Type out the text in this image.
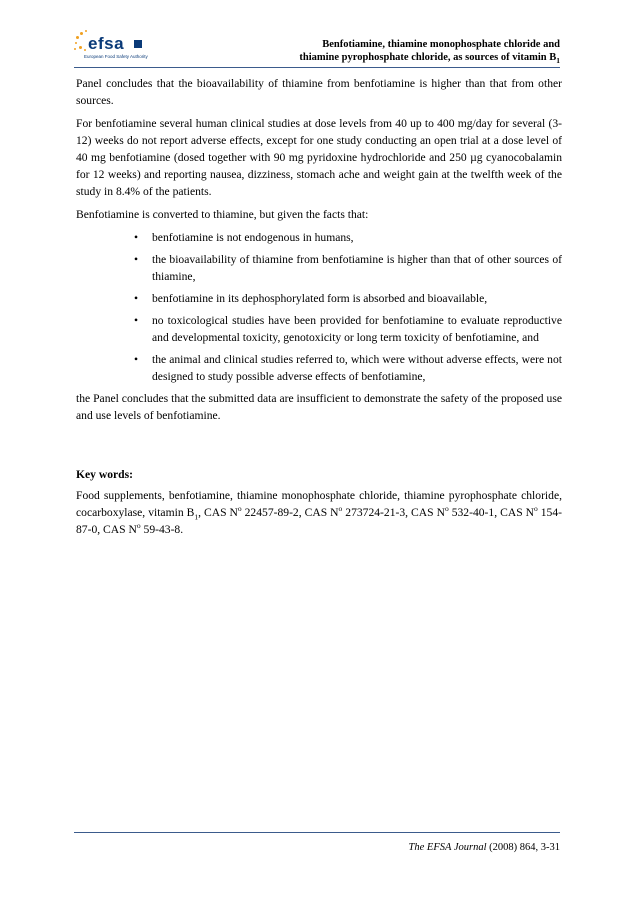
efsa
European Food Safety Authority
Benfotiamine, thiamine monophosphate chloride and
thiamine pyrophosphate chloride, as sources of vitamin $B_1$

Panel concludes that the bioavailability of thiamine from benfotiamine is higher than that from other sources.

For benfotiamine several human clinical studies at dose levels from 40 up to 400 mg/day for several (3-12) weeks do not report adverse effects, except for one study conducting an open trial at a dose level of 40 mg benfotiamine (dosed together with 90 mg pyridoxine hydrochloride and 250 µg cyanocobalamin for 12 weeks) and reporting nausea, dizziness, stomach ache and weight gain at the twelfth week of the study in 8.4% of the patients.

Benfotiamine is converted to thiamine, but given the facts that:

• benfotiamine is not endogenous in humans,
• the bioavailability of thiamine from benfotiamine is higher than that of other sources of thiamine,
• benfotiamine in its dephosphorylated form is absorbed and bioavailable,
• no toxicological studies have been provided for benfotiamine to evaluate reproductive and developmental toxicity, genotoxicity or long term toxicity of benfotiamine, and
• the animal and clinical studies referred to, which were without adverse effects, were not designed to study possible adverse effects of benfotiamine,

the Panel concludes that the submitted data are insufficient to demonstrate the safety of the proposed use and use levels of benfotiamine.

Key words:

Food supplements, benfotiamine, thiamine monophosphate chloride, thiamine pyrophosphate chloride, cocarboxylase, vitamin $B_1$, CAS $N^o$ 22457-89-2, CAS $N^o$ 273724-21-3, CAS $N^o$ 532-40-1, CAS $N^o$ 154-87-0, CAS $N^o$ 59-43-8.

The EFSA Journal (2008) 864, 3-31
